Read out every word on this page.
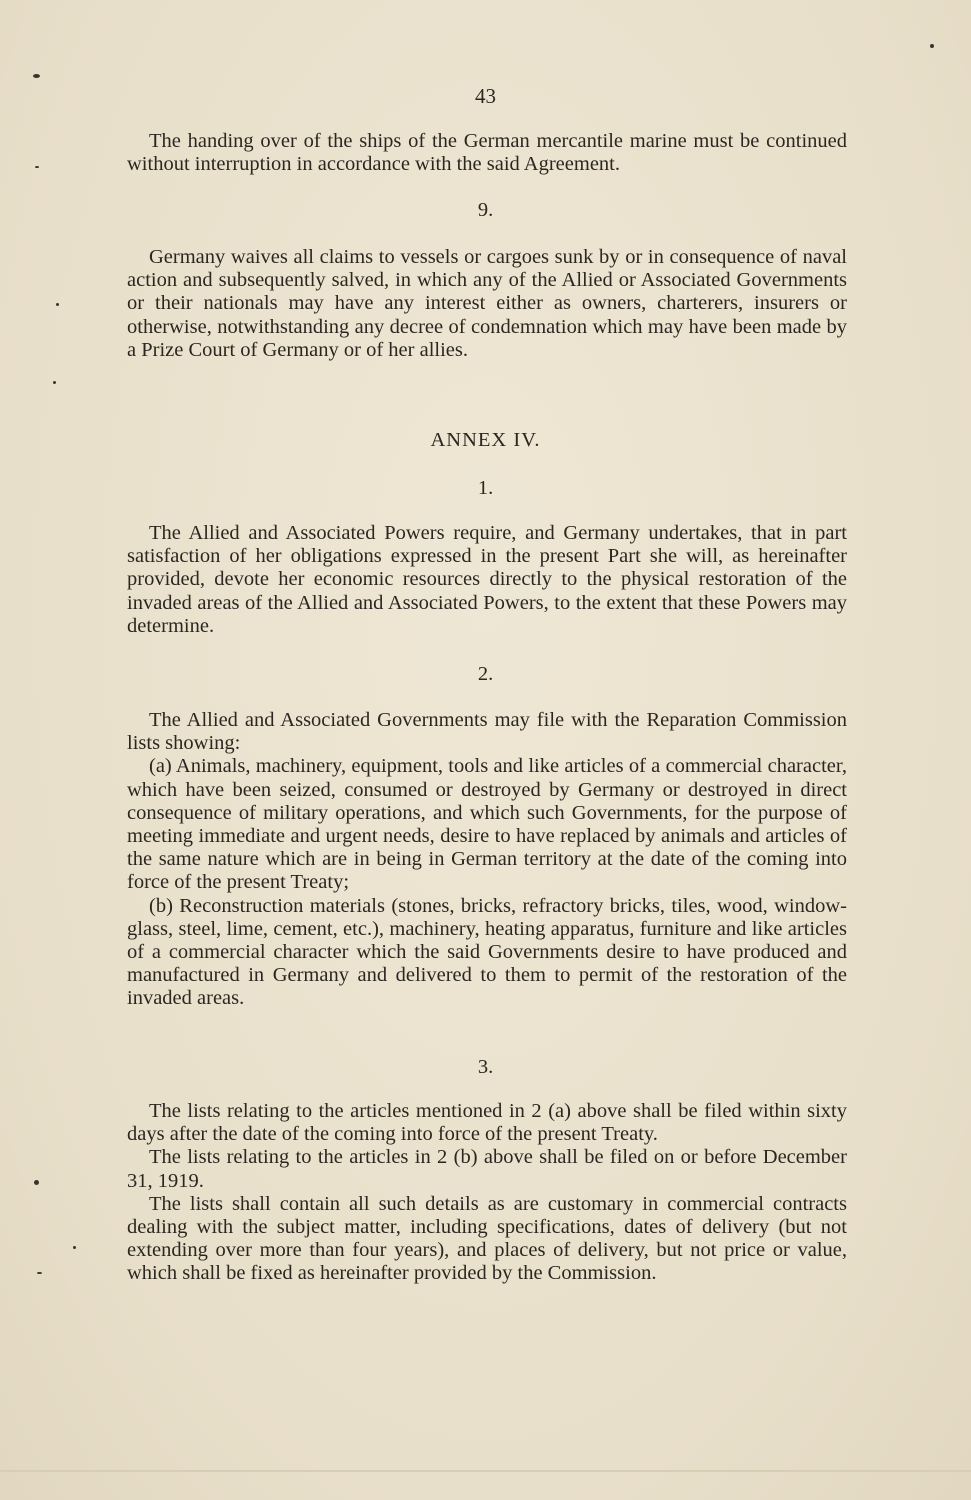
43

The handing over of the ships of the German mercantile marine must be continued without interruption in accordance with the said Agreement.

9.

Germany waives all claims to vessels or cargoes sunk by or in consequence of naval action and subsequently salved, in which any of the Allied or Associated Governments or their nationals may have any interest either as owners, charterers, insurers or otherwise, notwithstanding any decree of condemnation which may have been made by a Prize Court of Germany or of her allies.

ANNEX IV.
1.

The Allied and Associated Powers require, and Germany undertakes, that in part satisfaction of her obligations expressed in the present Part she will, as hereinafter provided, devote her economic resources directly to the physical restoration of the invaded areas of the Allied and Associated Powers, to the extent that these Powers may determine.

2.

The Allied and Associated Governments may file with the Reparation Commission lists showing:

(a) Animals, machinery, equipment, tools and like articles of a commercial character, which have been seized, consumed or destroyed by Germany or destroyed in direct consequence of military operations, and which such Governments, for the purpose of meeting immediate and urgent needs, desire to have replaced by animals and articles of the same nature which are in being in German territory at the date of the coming into force of the present Treaty;

(b) Reconstruction materials (stones, bricks, refractory bricks, tiles, wood, window-glass, steel, lime, cement, etc.), machinery, heating apparatus, furniture and like articles of a commercial character which the said Governments desire to have produced and manufactured in Germany and delivered to them to permit of the restoration of the invaded areas.

3.

The lists relating to the articles mentioned in 2 (a) above shall be filed within sixty days after the date of the coming into force of the present Treaty.

The lists relating to the articles in 2 (b) above shall be filed on or before December 31, 1919.

The lists shall contain all such details as are customary in commercial contracts dealing with the subject matter, including specifications, dates of delivery (but not extending over more than four years), and places of delivery, but not price or value, which shall be fixed as hereinafter provided by the Commission.
